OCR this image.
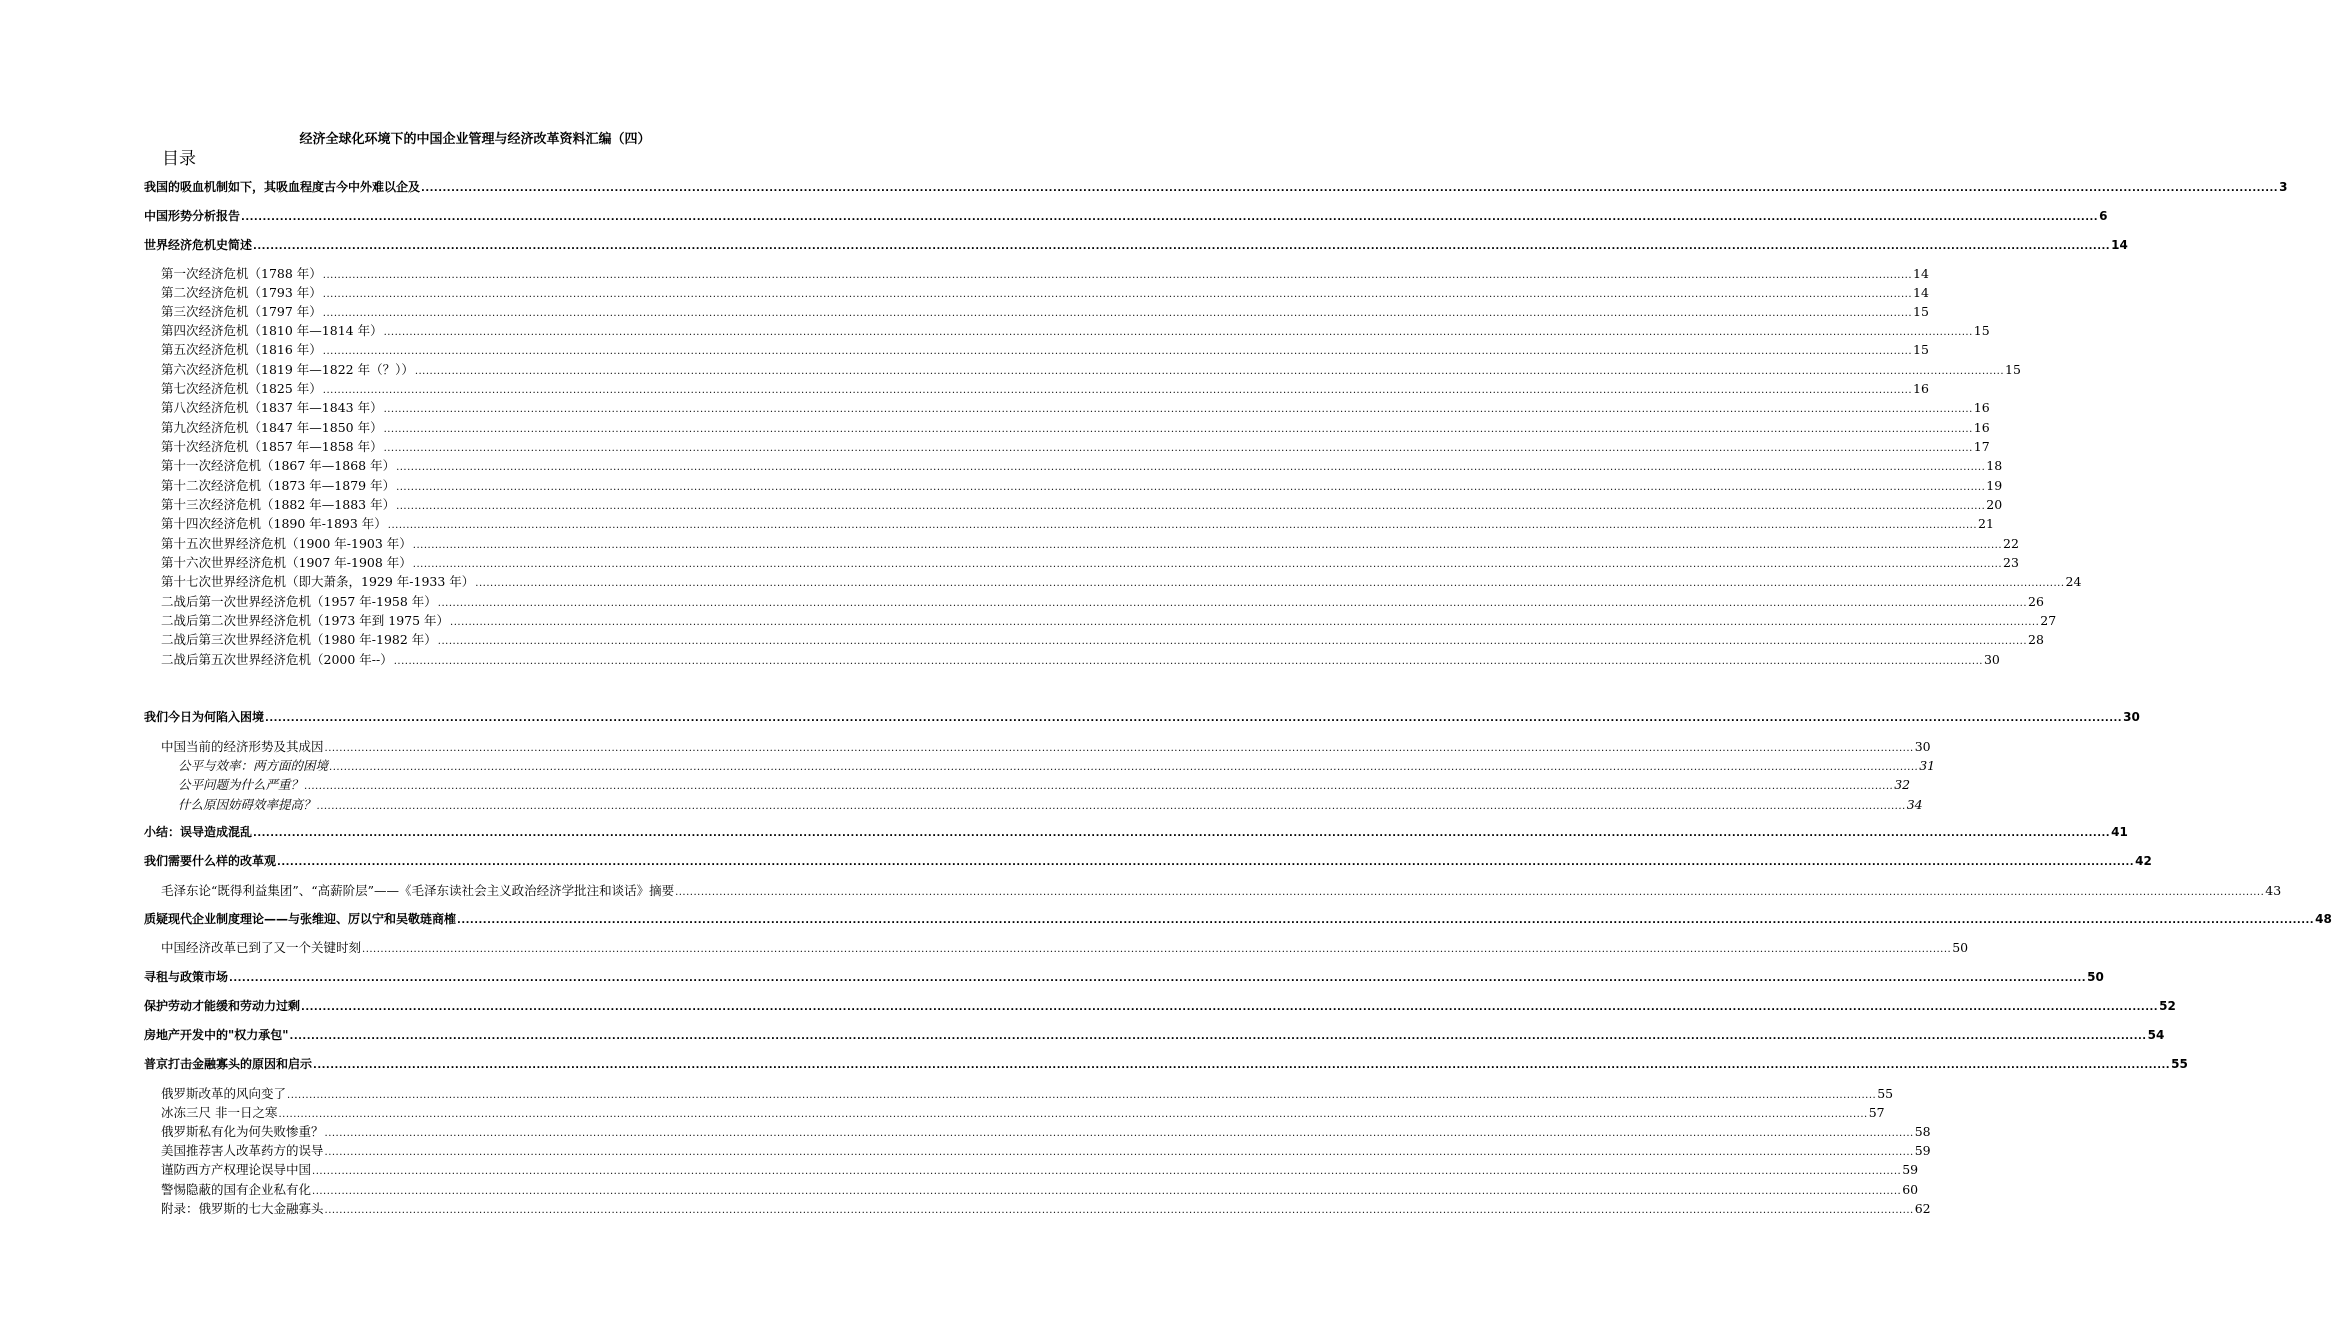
经济全球化环境下的中国企业管理与经济改革资料汇编（四）
目录
我国的吸血机制如下，其吸血程度古今中外难以企及 .....	3
中国形势分析报告 .....	6
世界经济危机史简述 .....	14
第一次经济危机（1788 年） .....	14
第二次经济危机（1793 年） .....	14
第三次经济危机（1797 年） .....	15
第四次经济危机（1810 年—1814 年） .....	15
第五次经济危机（1816 年） .....	15
第六次经济危机（1819 年—1822 年（？）） .....	15
第七次经济危机（1825 年） .....	16
第八次经济危机（1837 年—1843 年） .....	16
第九次经济危机（1847 年—1850 年） .....	16
第十次经济危机（1857 年—1858 年） .....	17
第十一次经济危机（1867 年—1868 年） .....	18
第十二次经济危机（1873 年—1879 年） .....	19
第十三次经济危机（1882 年—1883 年） .....	20
第十四次经济危机（1890 年-1893 年） .....	21
第十五次世界经济危机（1900 年-1903 年） .....	22
第十六次世界经济危机（1907 年-1908 年） .....	23
第十七次世界经济危机（即大萧条，1929 年-1933 年） .....	24
二战后第一次世界经济危机（1957 年-1958 年） .....	26
二战后第二次世界经济危机（1973 年到 1975 年） .....	27
二战后第三次世界经济危机（1980 年-1982 年） .....	28
二战后第五次世界经济危机（2000 年--） .....	30
我们今日为何陷入困境 .....	30
中国当前的经济形势及其成因 .....	30
公平与效率：两方面的困境 .....	31
公平问题为什么严重？ .....	32
什么原因妨碍效率提高？ .....	34
小结：误导造成混乱 .....	41
我们需要什么样的改革观 .....	42
毛泽东论“既得利益集团”、“高薪阶层”——《毛泽东读社会主义政治经济学批注和谈话》摘要 .....	43
质疑现代企业制度理论——与张维迎、厉以宁和吴敬琏商榷 .....	48
中国经济改革已到了又一个关键时刻 .....	50
寻租与政策市场 .....	50
保护劳动才能缓和劳动力过剩 .....	52
房地产开发中的"权力承包" .....	54
普京打击金融寡头的原因和启示 .....	55
俄罗斯改革的风向变了 .....	55
冰冻三尺 非一日之寒 .....	57
俄罗斯私有化为何失败惨重？ .....	58
美国推荐害人改革药方的误导 .....	59
谨防西方产权理论误导中国 .....	59
警惕隐蔽的国有企业私有化 .....	60
附录：俄罗斯的七大金融寡头 .....	62
